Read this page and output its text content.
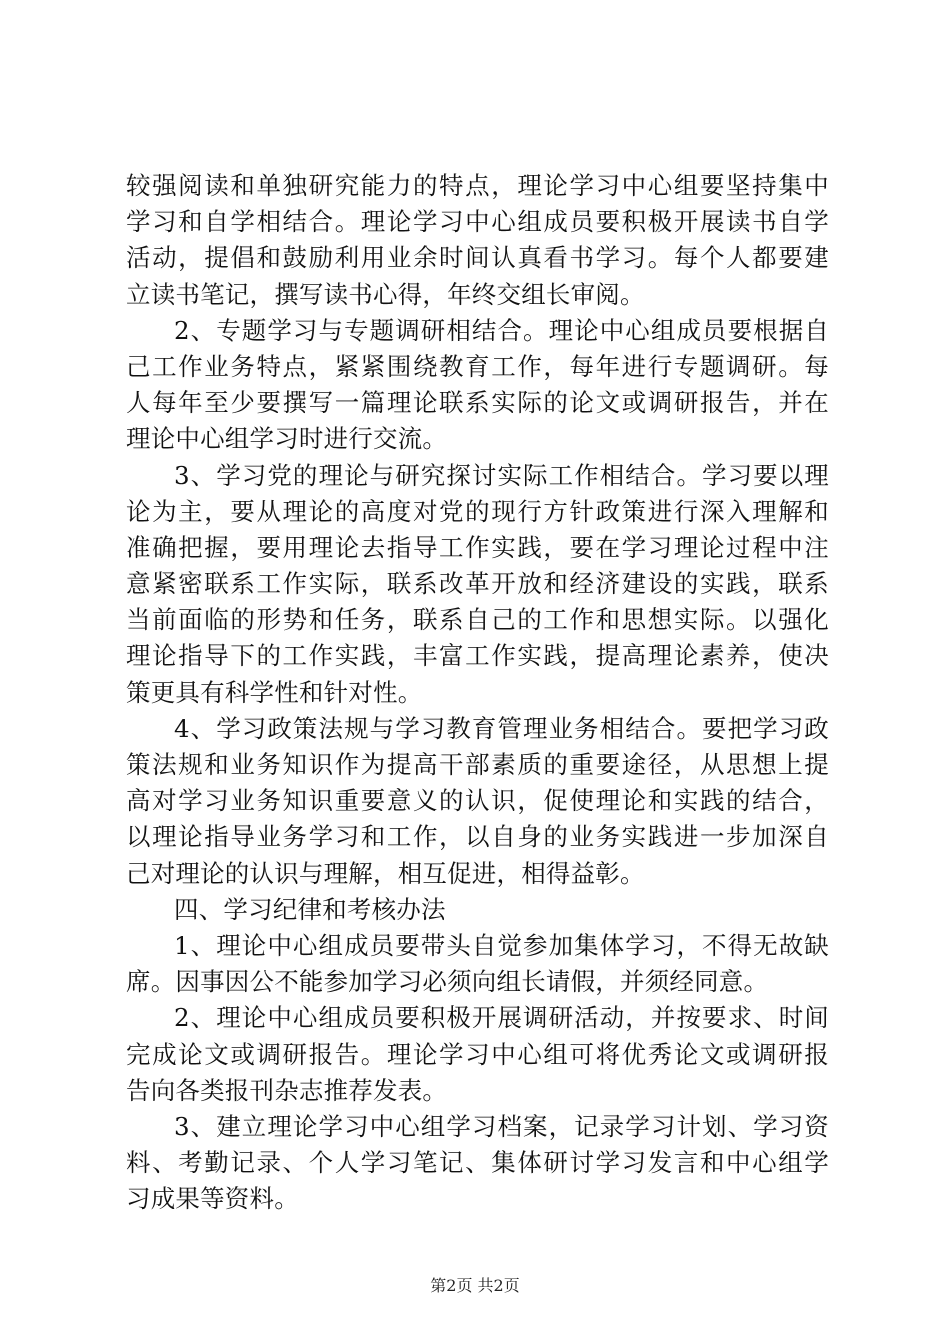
较强阅读和单独研究能力的特点，理论学习中心组要坚持集中
学习和自学相结合。理论学习中心组成员要积极开展读书自学
活动，提倡和鼓励利用业余时间认真看书学习。每个人都要建
立读书笔记，撰写读书心得，年终交组长审阅。
2、专题学习与专题调研相结合。理论中心组成员要根据自
己工作业务特点，紧紧围绕教育工作，每年进行专题调研。每
人每年至少要撰写一篇理论联系实际的论文或调研报告，并在
理论中心组学习时进行交流。
3、学习党的理论与研究探讨实际工作相结合。学习要以理
论为主，要从理论的高度对党的现行方针政策进行深入理解和
准确把握，要用理论去指导工作实践，要在学习理论过程中注
意紧密联系工作实际，联系改革开放和经济建设的实践，联系
当前面临的形势和任务，联系自己的工作和思想实际。以强化
理论指导下的工作实践，丰富工作实践，提高理论素养，使决
策更具有科学性和针对性。
4、学习政策法规与学习教育管理业务相结合。要把学习政
策法规和业务知识作为提高干部素质的重要途径，从思想上提
高对学习业务知识重要意义的认识，促使理论和实践的结合，
以理论指导业务学习和工作，以自身的业务实践进一步加深自
己对理论的认识与理解，相互促进，相得益彰。
四、学习纪律和考核办法
1、理论中心组成员要带头自觉参加集体学习，不得无故缺
席。因事因公不能参加学习必须向组长请假，并须经同意。
2、理论中心组成员要积极开展调研活动，并按要求、时间
完成论文或调研报告。理论学习中心组可将优秀论文或调研报
告向各类报刊杂志推荐发表。
3、建立理论学习中心组学习档案，记录学习计划、学习资
料、考勤记录、个人学习笔记、集体研讨学习发言和中心组学
习成果等资料。
第2页 共2页
